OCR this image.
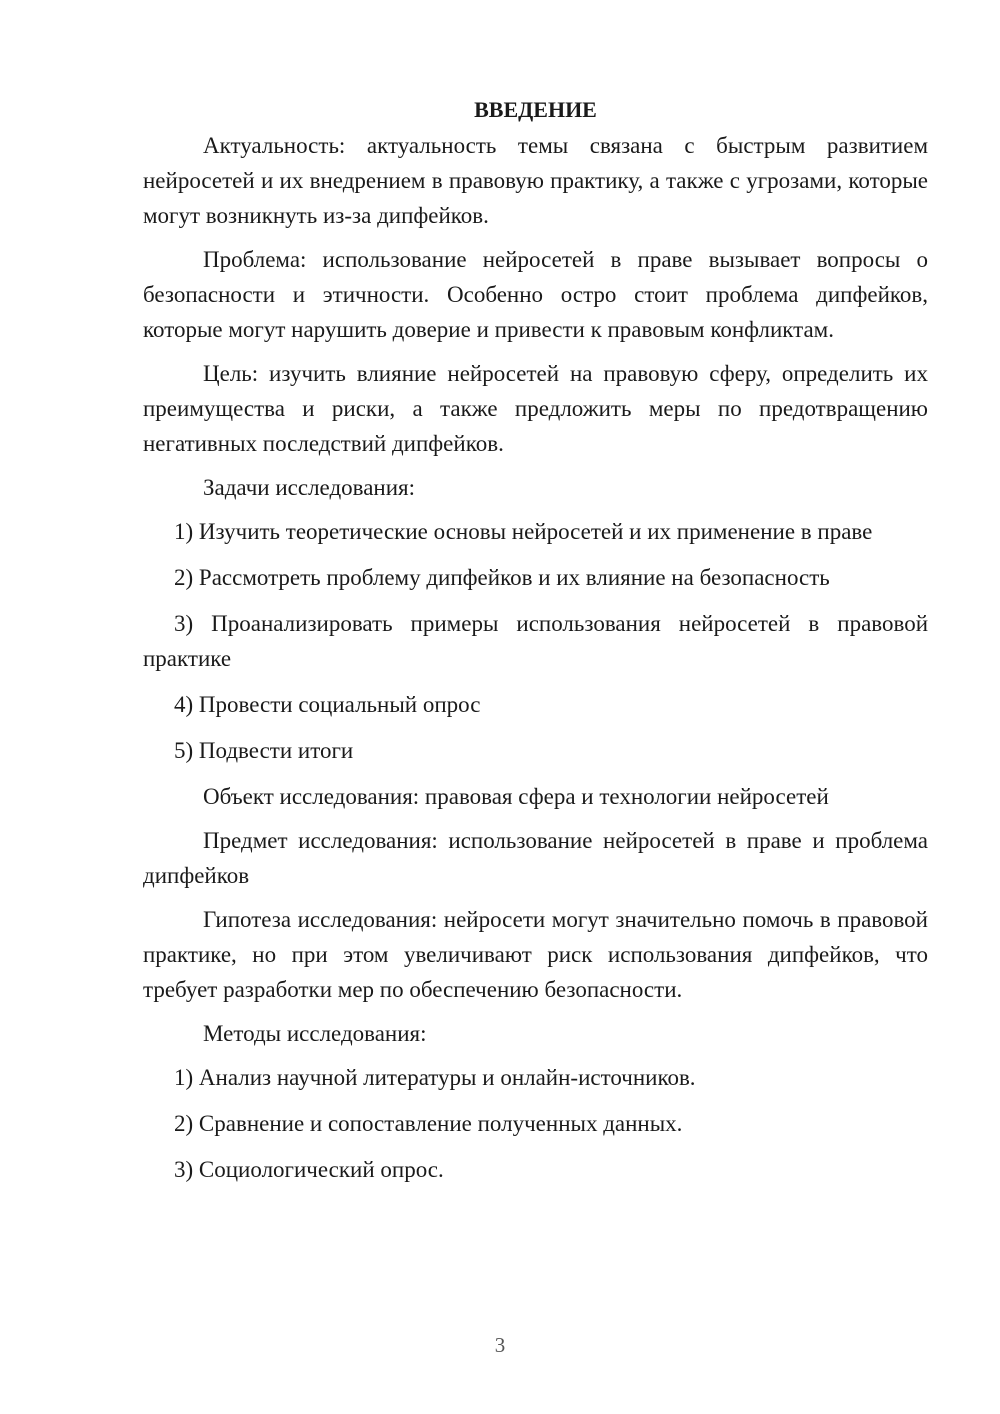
ВВЕДЕНИЕ

Актуальность: актуальность темы связана с быстрым развитием нейросетей и их внедрением в правовую практику, а также с угрозами, которые могут возникнуть из-за дипфейков.

Проблема: использование нейросетей в праве вызывает вопросы о безопасности и этичности. Особенно остро стоит проблема дипфейков, которые могут нарушить доверие и привести к правовым конфликтам.

Цель: изучить влияние нейросетей на правовую сферу, определить их преимущества и риски, а также предложить меры по предотвращению негативных последствий дипфейков.

Задачи исследования:

1) Изучить теоретические основы нейросетей и их применение в праве

2) Рассмотреть проблему дипфейков и их влияние на безопасность

3) Проанализировать примеры использования нейросетей в правовой практике

4) Провести социальный опрос

5) Подвести итоги

Объект исследования: правовая сфера и технологии нейросетей

Предмет исследования: использование нейросетей в праве и проблема дипфейков

Гипотеза исследования: нейросети могут значительно помочь в правовой практике, но при этом увеличивают риск использования дипфейков, что требует разработки мер по обеспечению безопасности.

Методы исследования:

1) Анализ научной литературы и онлайн-источников.

2) Сравнение и сопоставление полученных данных.

3) Социологический опрос.

3
